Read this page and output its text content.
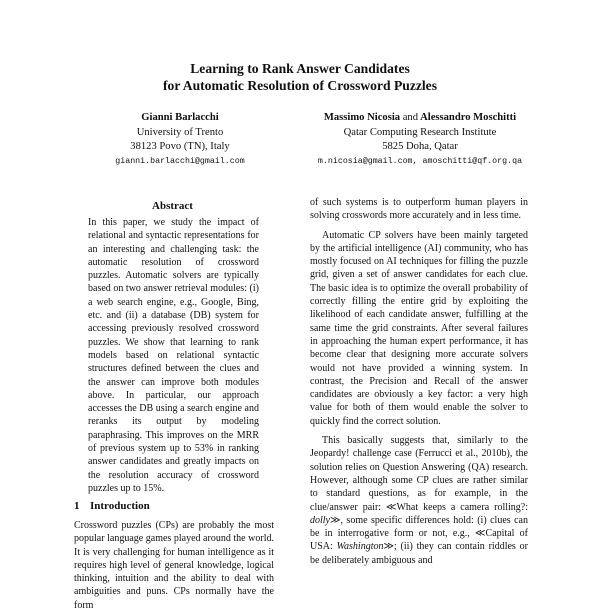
Learning to Rank Answer Candidates
for Automatic Resolution of Crossword Puzzles
Gianni Barlacchi
University of Trento
38123 Povo (TN), Italy
gianni.barlacchi@gmail.com
Massimo Nicosia and Alessandro Moschitti
Qatar Computing Research Institute
5825 Doha, Qatar
m.nicosia@gmail.com, amoschitti@qf.org.qa
Abstract
In this paper, we study the impact of relational and syntactic representations for an interesting and challenging task: the automatic resolution of crossword puzzles. Automatic solvers are typically based on two answer retrieval modules: (i) a web search engine, e.g., Google, Bing, etc. and (ii) a database (DB) system for accessing previously resolved crossword puzzles. We show that learning to rank models based on relational syntactic structures defined between the clues and the answer can improve both modules above. In particular, our approach accesses the DB using a search engine and reranks its output by modeling paraphrasing. This improves on the MRR of previous system up to 53% in ranking answer candidates and greatly impacts on the resolution accuracy of crossword puzzles up to 15%.
1 Introduction
Crossword puzzles (CPs) are probably the most popular language games played around the world. It is very challenging for human intelligence as it requires high level of general knowledge, logical thinking, intuition and the ability to deal with ambiguities and puns. CPs normally have the form

of such systems is to outperform human players in solving crosswords more accurately and in less time.

Automatic CP solvers have been mainly targeted by the artificial intelligence (AI) community, who has mostly focused on AI techniques for filling the puzzle grid, given a set of answer candidates for each clue. The basic idea is to optimize the overall probability of correctly filling the entire grid by exploiting the likelihood of each candidate answer, fulfilling at the same time the grid constraints. After several failures in approaching the human expert performance, it has become clear that designing more accurate solvers would not have provided a winning system. In contrast, the Precision and Recall of the answer candidates are obviously a key factor: a very high value for both of them would enable the solver to quickly find the correct solution.

This basically suggests that, similarly to the Jeopardy! challenge case (Ferrucci et al., 2010b), the solution relies on Question Answering (QA) research. However, although some CP clues are rather similar to standard questions, as for example, in the clue/answer pair: ≪What keeps a camera rolling?: dolly≫, some specific differences hold: (i) clues can be in interrogative form or not, e.g., ≪Capital of USA: Washington≫; (ii) they can contain riddles or be deliberately ambiguous and
